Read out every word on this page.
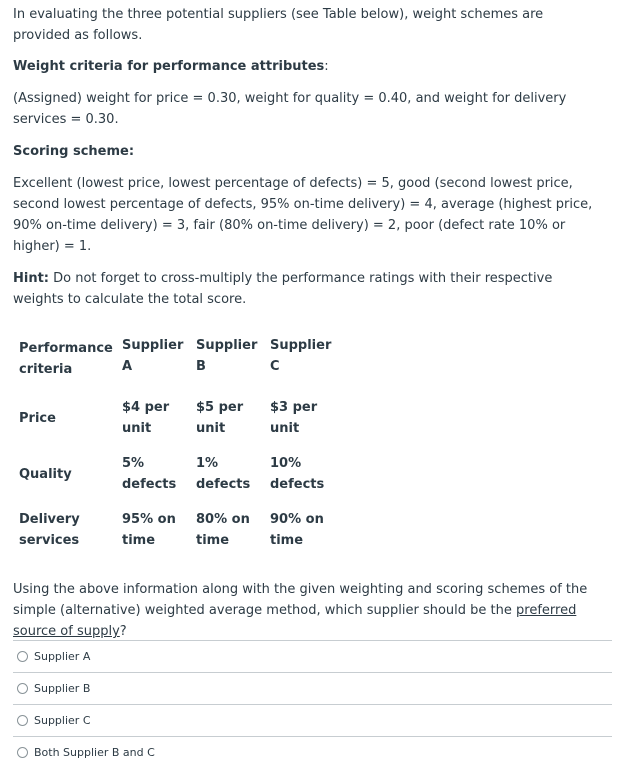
In evaluating the three potential suppliers (see Table below), weight schemes are provided as follows.

Weight criteria for performance attributes:

(Assigned) weight for price = 0.30, weight for quality = 0.40, and weight for delivery services = 0.30.

Scoring scheme:

Excellent (lowest price, lowest percentage of defects) = 5, good (second lowest price, second lowest percentage of defects, 95% on-time delivery) = 4, average (highest price, 90% on-time delivery) = 3, fair (80% on-time delivery) = 2, poor (defect rate 10% or higher) = 1.

Hint: Do not forget to cross-multiply the performance ratings with their respective weights to calculate the total score.

Performance criteria	Supplier A	Supplier B	Supplier C
Price	$4 per unit	$5 per unit	$3 per unit
Quality	5% defects	1% defects	10% defects
Delivery services	95% on time	80% on time	90% on time

Using the above information along with the given weighting and scoring schemes of the simple (alternative) weighted average method, which supplier should be the preferred source of supply?

Supplier A
Supplier B
Supplier C
Both Supplier B and C
